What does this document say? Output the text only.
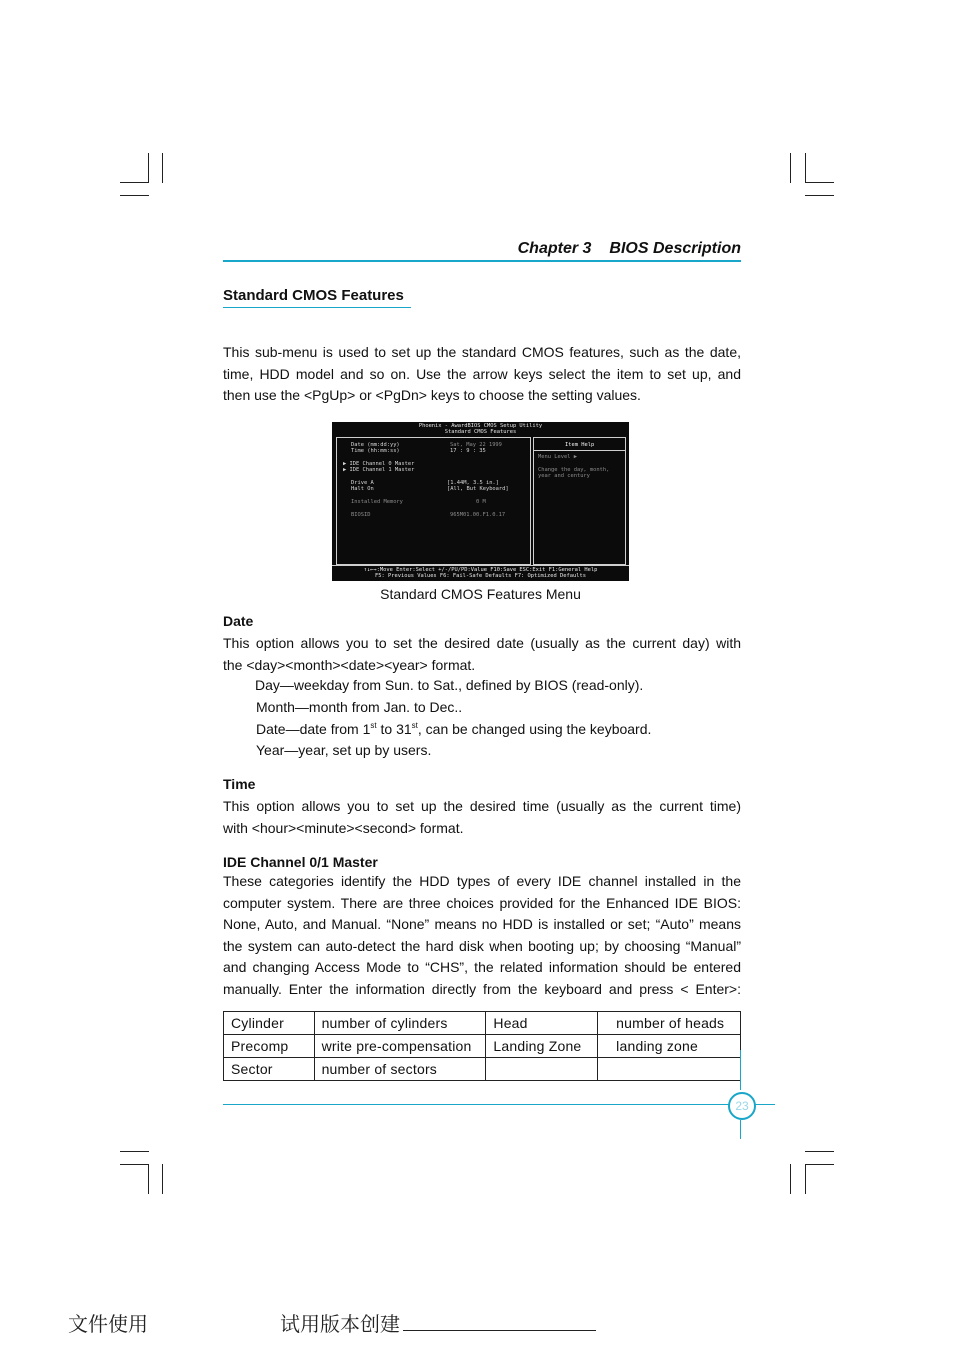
Chapter 3 BIOS Description
Standard CMOS Features
This sub-menu is used to set up the standard CMOS features, such as the date,
time, HDD model and so on. Use the arrow keys select the item to set up, and
then use the <PgUp> or <PgDn> keys to choose the setting values.
Phoenix - AwardBIOS CMOS Setup Utility
Standard CMOS Features
Date (mm:dd:yy)	Sat, May 22 1999
Time (hh:mm:ss)	17 : 9 : 35
▶ IDE Channel 0 Master
▶ IDE Channel 1 Master
Drive A	[1.44M, 3.5 in.]
Halt On	[All, But Keyboard]
Installed Memory	0 M
BIOSID	965M01.00.F1.0.17
Item Help
Menu Level ▶
Change the day, month,
year and century
↑↓←→:Move Enter:Select +/-/PU/PD:Value F10:Save ESC:Exit F1:General Help
F5: Previous Values F6: Fail-Safe Defaults F7: Optimized Defaults
Standard CMOS Features Menu
Date
This option allows you to set the desired date (usually as the current day) with
the <day><month><date><year> format.
Day—weekday from Sun. to Sat., defined by BIOS (read-only).
Month—month from Jan. to Dec..
Date—date from 1st to 31st, can be changed using the keyboard.
Year—year, set up by users.
Time
This option allows you to set up the desired time (usually as the current time)
with <hour><minute><second> format.
IDE Channel 0/1 Master
These categories identify the HDD types of every IDE channel installed in the
computer system. There are three choices provided for the Enhanced IDE BIOS:
None, Auto, and Manual. “None” means no HDD is installed or set; “Auto” means
the system can auto-detect the hard disk when booting up; by choosing “Manual”
and changing Access Mode to “CHS”, the related information should be entered
manually. Enter the information directly from the keyboard and press < Enter>:
Cylinder	number of cylinders	Head	number of heads
Precomp	write pre-compensation	Landing Zone	landing zone
Sector	number of sectors		
23
文件使用	试用版本创建
